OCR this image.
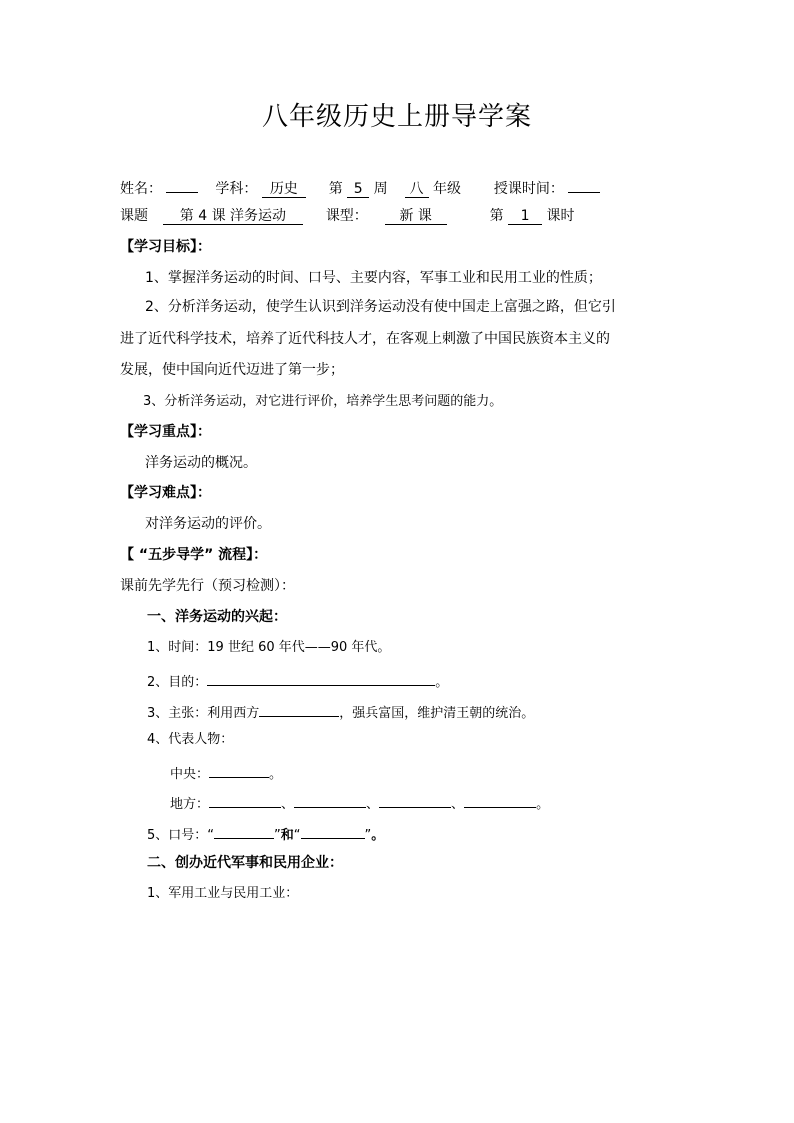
八年级历史上册导学案
姓名：	学科： 历史 第 5 周 八 年级 授课时间：
课题 第 4 课 洋务运动	课型： 新 课	第 1 课时
【学习目标】：
1、掌握洋务运动的时间、口号、主要内容，军事工业和民用工业的性质；
2、分析洋务运动，使学生认识到洋务运动没有使中国走上富强之路，但它引
进了近代科学技术，培养了近代科技人才，在客观上刺激了中国民族资本主义的
发展，使中国向近代迈进了第一步；
3、分析洋务运动，对它进行评价，培养学生思考问题的能力。
【学习重点】：
洋务运动的概况。
【学习难点】：
对洋务运动的评价。
【 “五步导学” 流程】：
课前先学先行（预习检测）：
一、洋务运动的兴起：
1、时间：19 世纪 60 年代——90 年代。
2、目的：	。
3、主张：利用西方	，强兵富国，维护清王朝的统治。
4、代表人物：
中央：	。
地方：	、	、	、	。
5、口号：“	”和“	”。
二、创办近代军事和民用企业：
1、军用工业与民用工业：
